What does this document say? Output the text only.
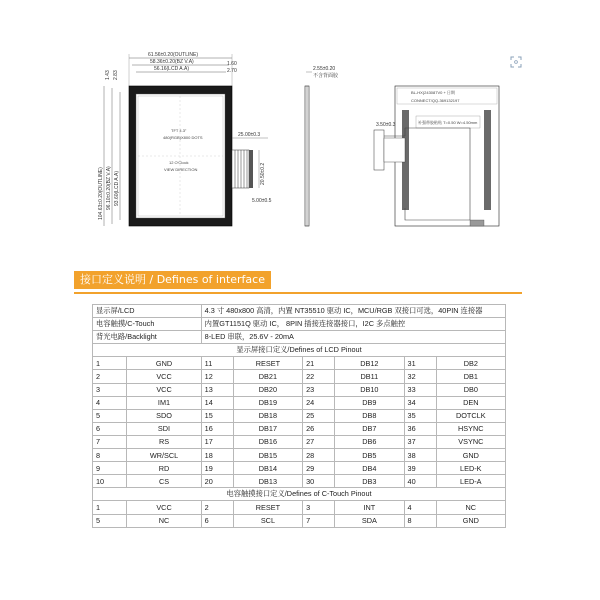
61.56±0.20(OUTLINE)
58.36±0.20(BZ V.A)
56.16(LCD A.A)
1.60
2.70
1.43 2.83
104.63±0.20(OUTLINE) 96.10±0.20(BZ V.A) 93.60(LCD A.A)
TFT 4.3"
480(RGB)X800 DOTS
12 O'Clock
VIEW DIRECTION
25.00±0.3
20.50±0.2
5.00±0.5
2.55±0.20
不含背面胶
BL-HX(243087V0 + 日期
CONNECT/QQ-369132197
补强带胶粘贴 T=0.50 W=4.50mm
3.50±0.3
接口定义说明 / Defines of interface
显示屏/LCD		4.3 寸 480x800 高清，内置 NT35510 驱动 IC，MCU/RGB 双接口可选，40PIN 连接器					
电容触摸/C-Touch		内置GT1151Q 驱动 IC， 8PIN 插接连接器接口，I2C 多点触控					
背光电路/Backlight		8-LED 串联，25.6V - 20mA					
显示屏接口定义/Defines of LCD Pinout							
1	GND	11	RESET	21	DB12	31	DB2
2	VCC	12	DB21	22	DB11	32	DB1
3	VCC	13	DB20	23	DB10	33	DB0
4	IM1	14	DB19	24	DB9	34	DEN
5	SDO	15	DB18	25	DB8	35	DOTCLK
6	SDI	16	DB17	26	DB7	36	HSYNC
7	RS	17	DB16	27	DB6	37	VSYNC
8	WR/SCL	18	DB15	28	DB5	38	GND
9	RD	19	DB14	29	DB4	39	LED-K
10	CS	20	DB13	30	DB3	40	LED-A
电容触摸接口定义/Defines of C-Touch Pinout							
1	VCC	2	RESET	3	INT	4	NC
5	NC	6	SCL	7	SDA	8	GND
